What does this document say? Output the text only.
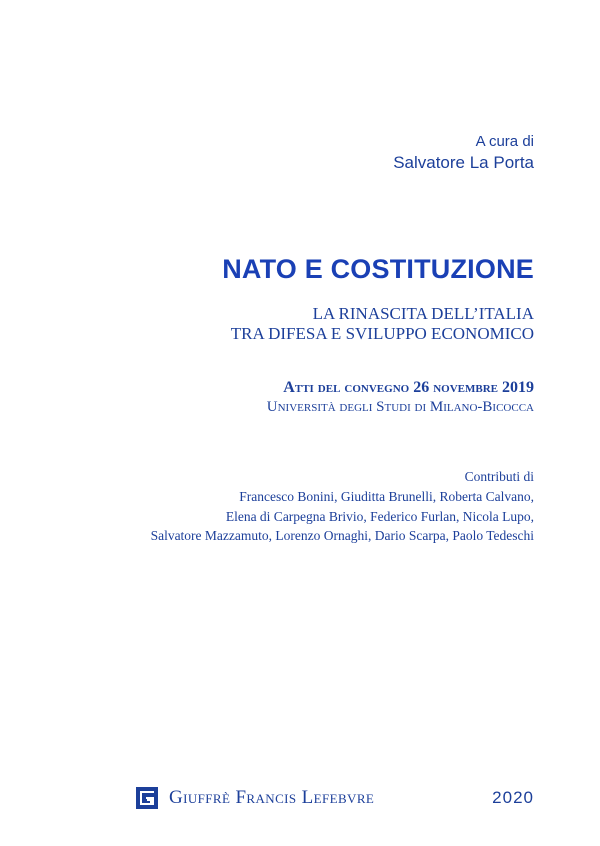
A cura di
Salvatore La Porta
NATO E COSTITUZIONE
LA RINASCITA DELL’ITALIA
TRA DIFESA E SVILUPPO ECONOMICO
Atti del convegno 26 novembre 2019
Università degli Studi di Milano-Bicocca
Contributi di
Francesco Bonini, Giuditta Brunelli, Roberta Calvano,
Elena di Carpegna Brivio, Federico Furlan, Nicola Lupo,
Salvatore Mazzamuto, Lorenzo Ornaghi, Dario Scarpa, Paolo Tedeschi
Giuffrè Francis Lefebvre	2020
